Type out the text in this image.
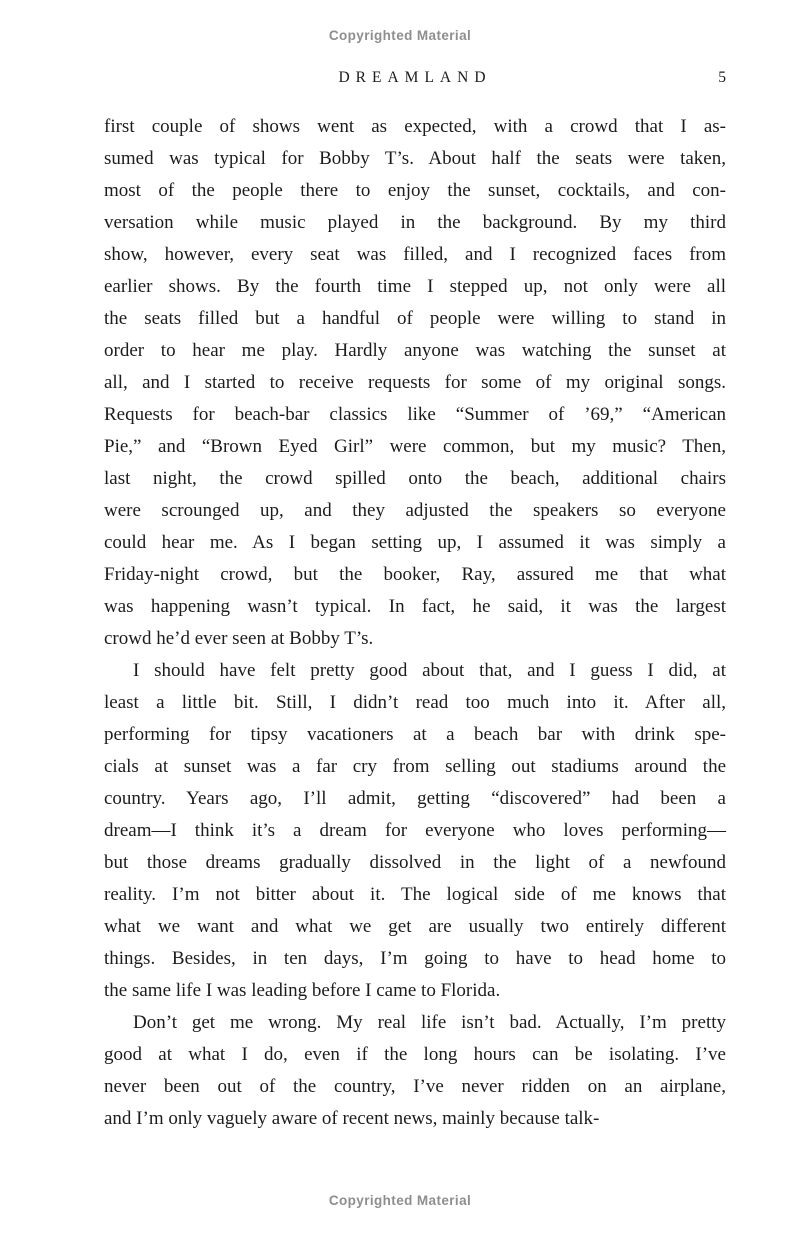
Copyrighted Material
DREAMLAND	5
first couple of shows went as expected, with a crowd that I as-
sumed was typical for Bobby T’s. About half the seats were taken,
most of the people there to enjoy the sunset, cocktails, and con-
versation while music played in the background. By my third
show, however, every seat was filled, and I recognized faces from
earlier shows. By the fourth time I stepped up, not only were all
the seats filled but a handful of people were willing to stand in
order to hear me play. Hardly anyone was watching the sunset at
all, and I started to receive requests for some of my original songs.
Requests for beach-bar classics like “Summer of ’69,” “American
Pie,” and “Brown Eyed Girl” were common, but my music? Then,
last night, the crowd spilled onto the beach, additional chairs
were scrounged up, and they adjusted the speakers so everyone
could hear me. As I began setting up, I assumed it was simply a
Friday-night crowd, but the booker, Ray, assured me that what
was happening wasn’t typical. In fact, he said, it was the largest
crowd he’d ever seen at Bobby T’s.
I should have felt pretty good about that, and I guess I did, at
least a little bit. Still, I didn’t read too much into it. After all,
performing for tipsy vacationers at a beach bar with drink spe-
cials at sunset was a far cry from selling out stadiums around the
country. Years ago, I’ll admit, getting “discovered” had been a
dream—I think it’s a dream for everyone who loves performing—
but those dreams gradually dissolved in the light of a newfound
reality. I’m not bitter about it. The logical side of me knows that
what we want and what we get are usually two entirely different
things. Besides, in ten days, I’m going to have to head home to
the same life I was leading before I came to Florida.
Don’t get me wrong. My real life isn’t bad. Actually, I’m pretty
good at what I do, even if the long hours can be isolating. I’ve
never been out of the country, I’ve never ridden on an airplane,
and I’m only vaguely aware of recent news, mainly because talk-
Copyrighted Material
